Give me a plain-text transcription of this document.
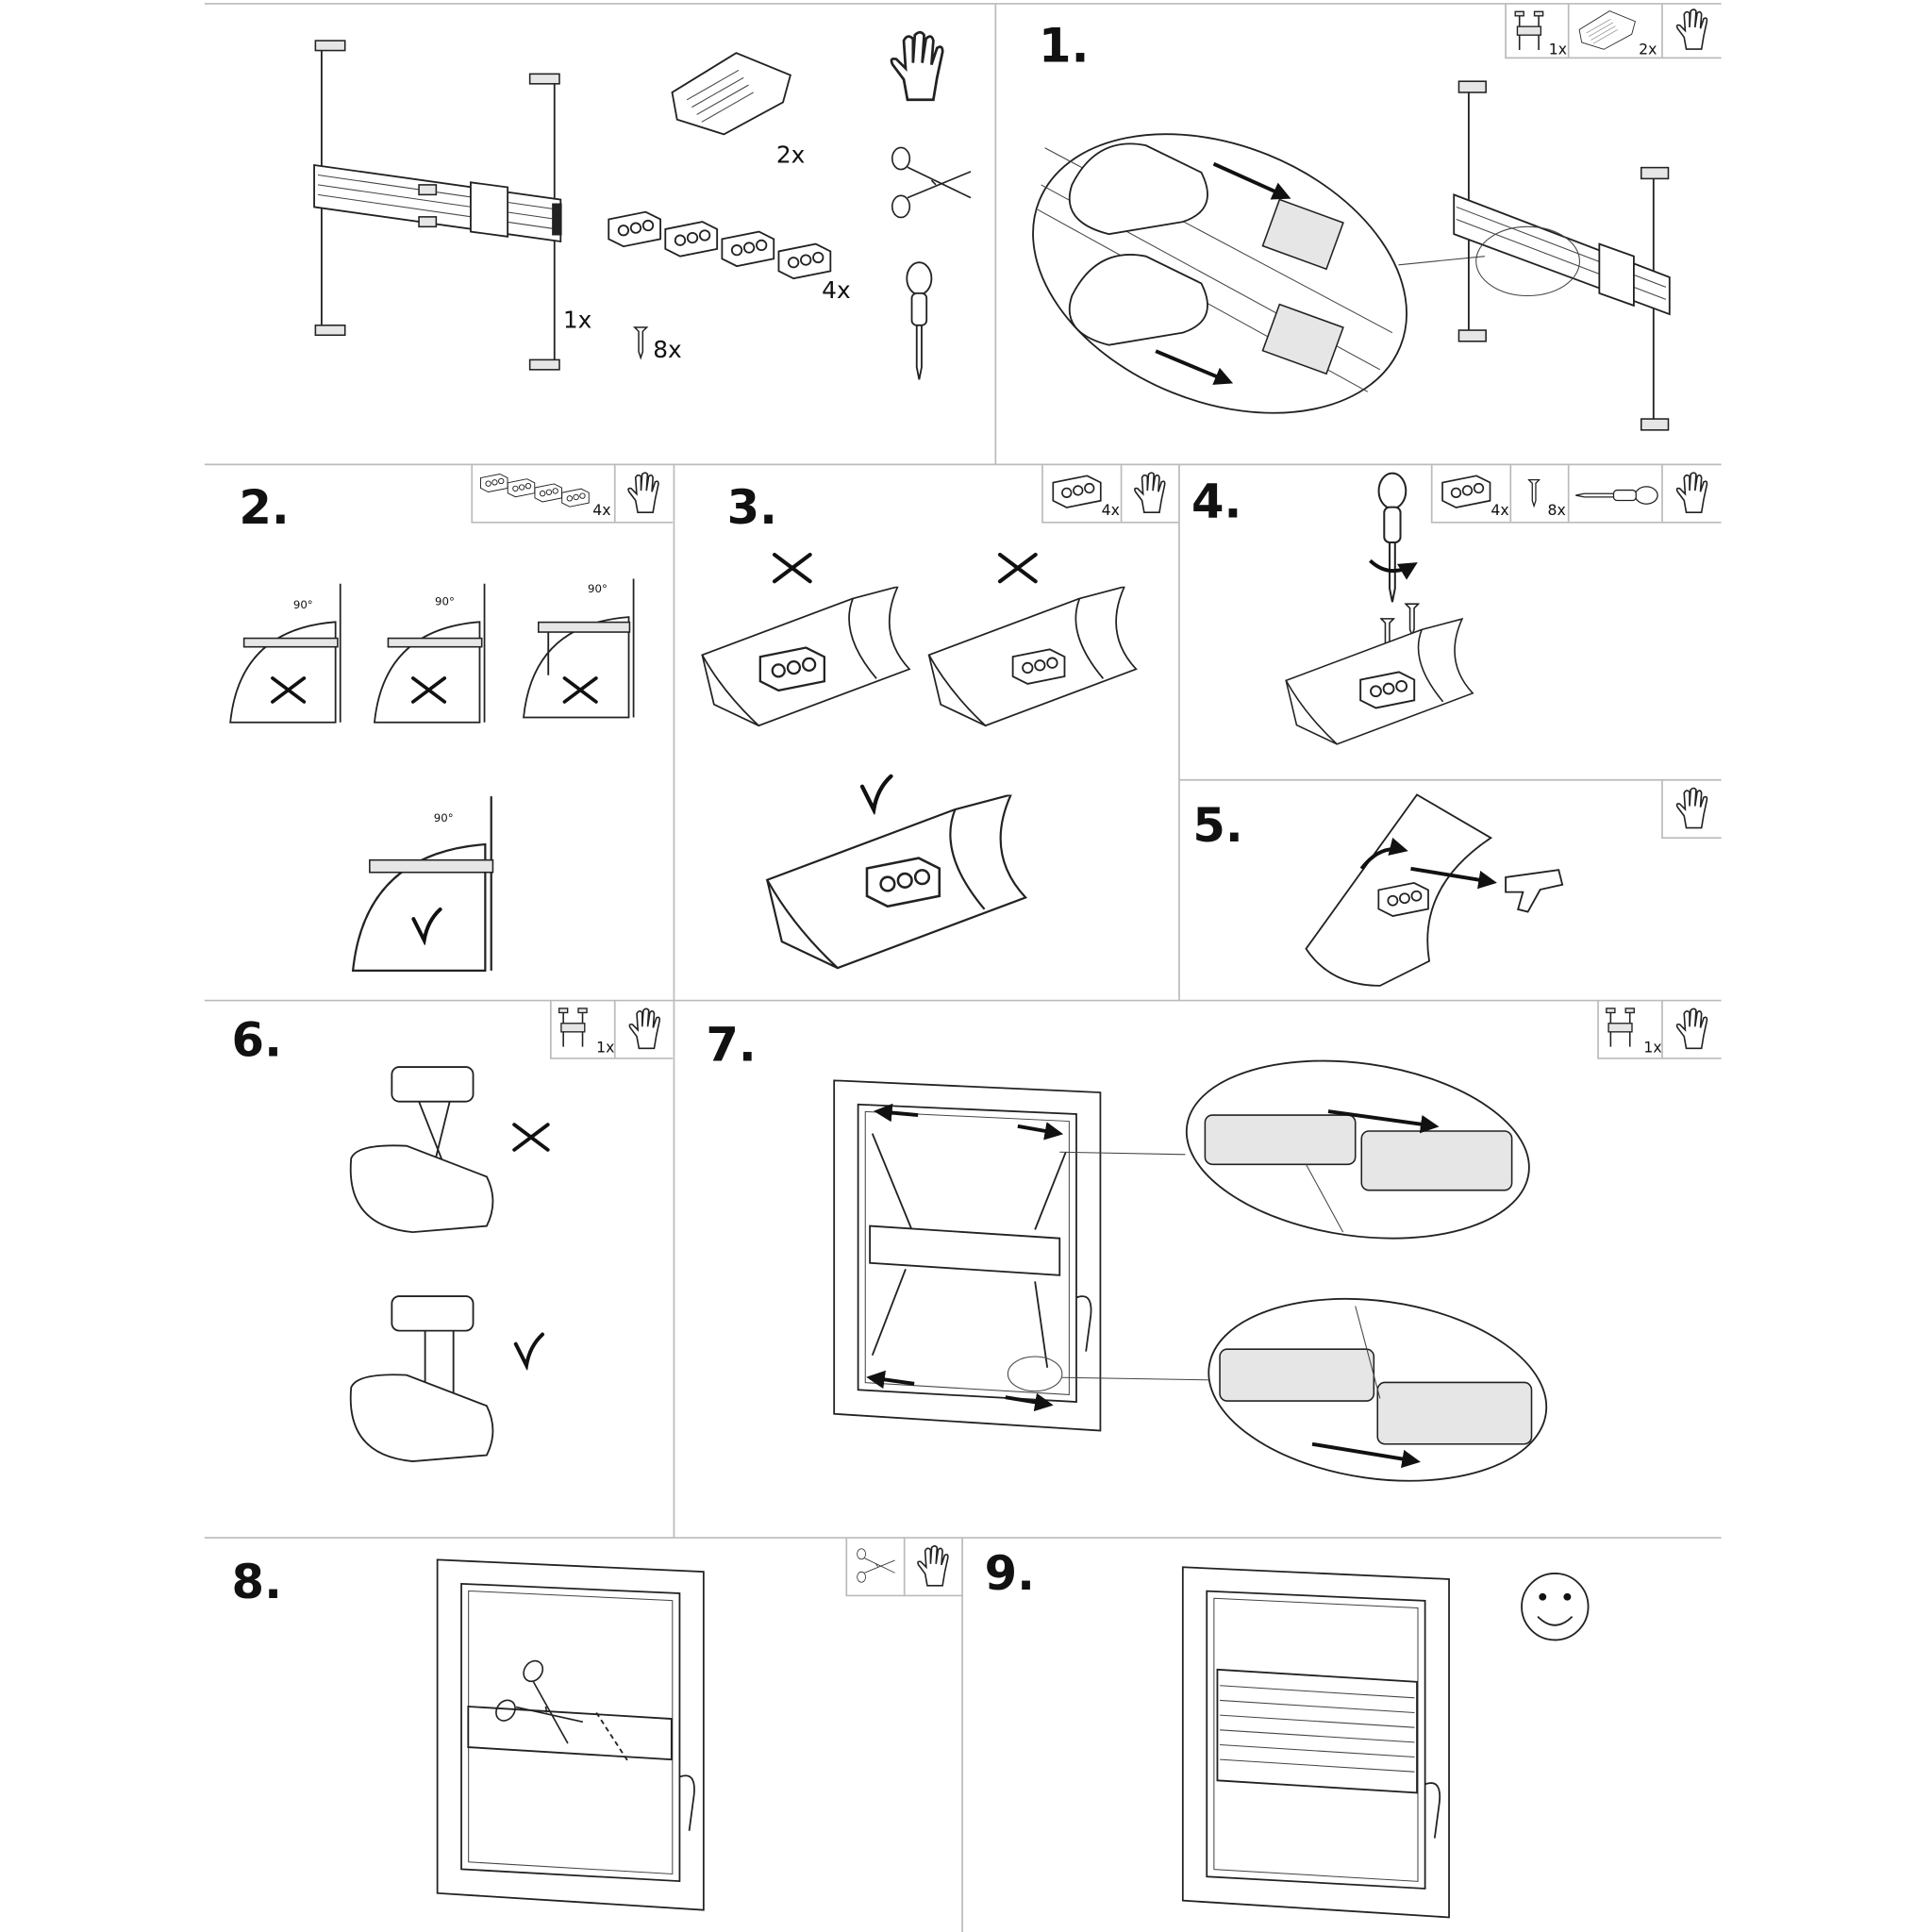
1x
2x
4x
8x
1.	1x	2x
2.	4x
90°	90°
90°
90°
3.	4x 4.	4x	8x
5.
6.	1x	7.	1x
8.	9.
